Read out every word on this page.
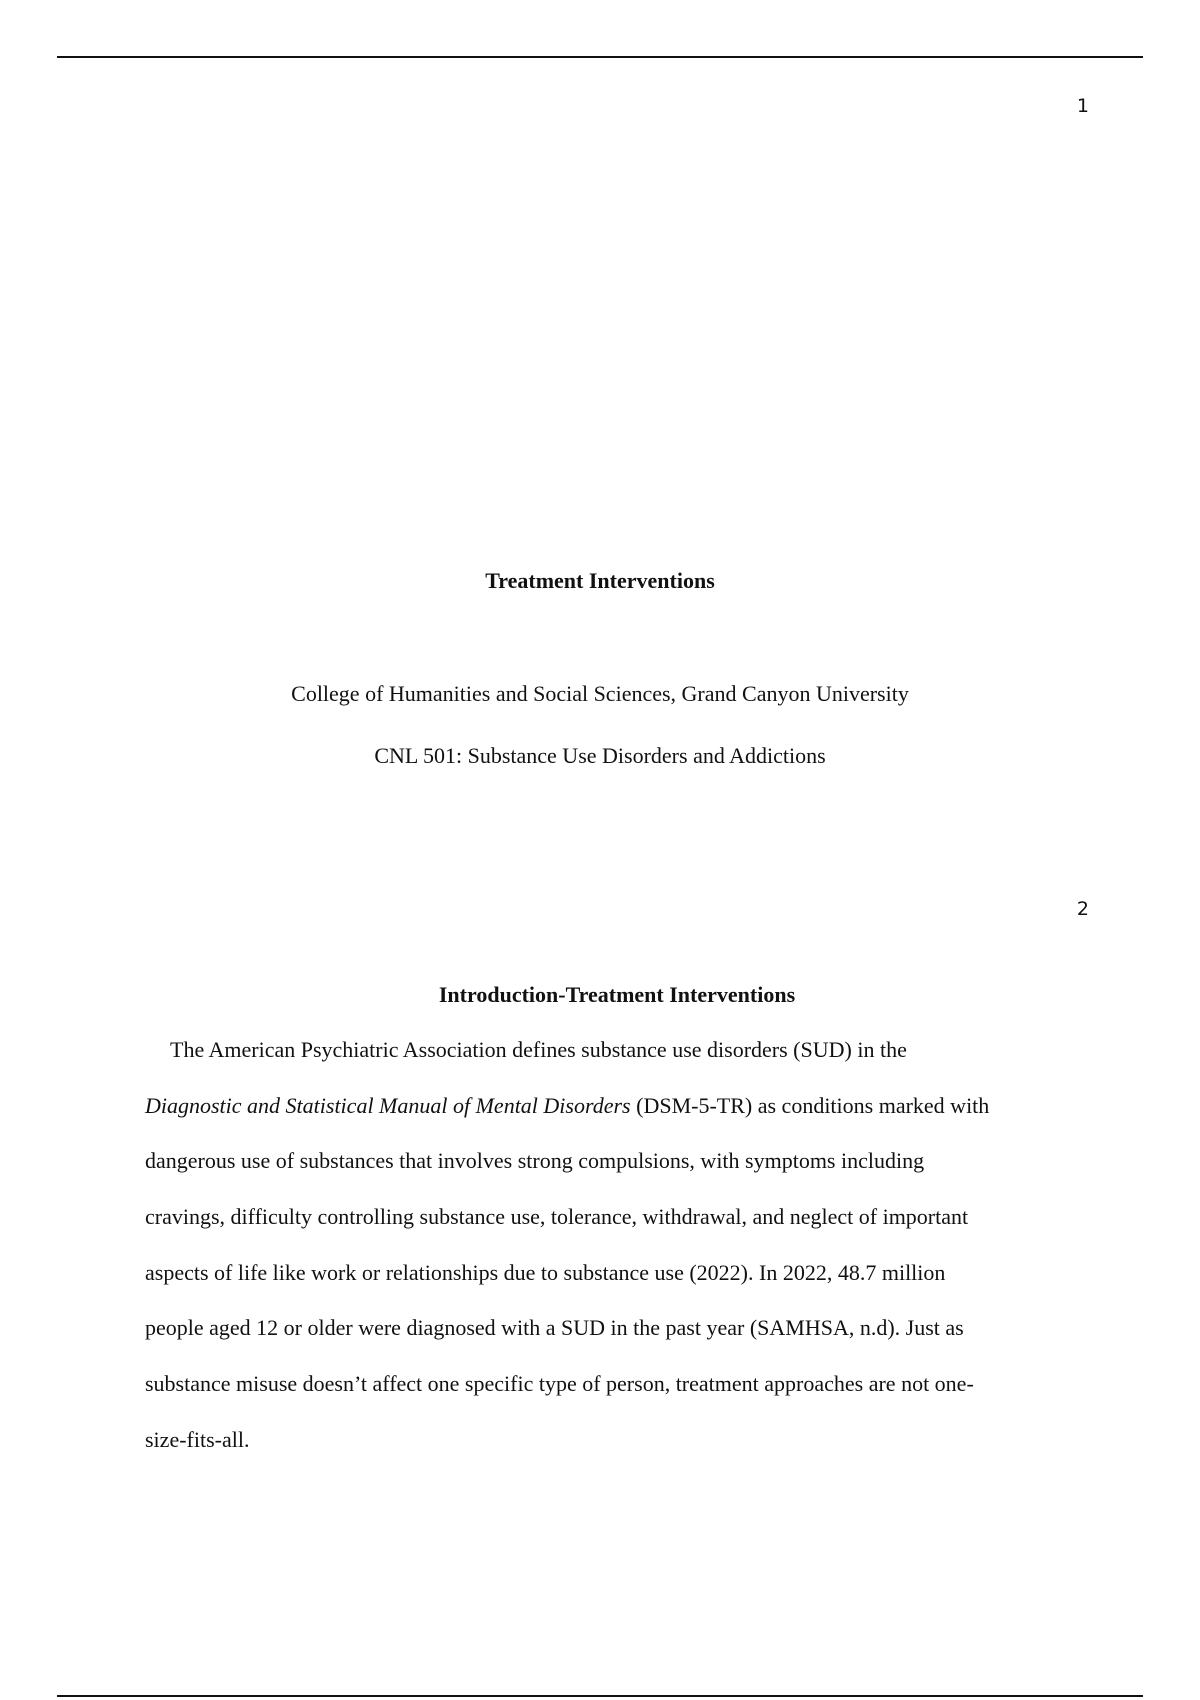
1
Treatment Interventions
College of Humanities and Social Sciences, Grand Canyon University
CNL 501: Substance Use Disorders and Addictions
2
Introduction-Treatment Interventions
The American Psychiatric Association defines substance use disorders (SUD) in the
Diagnostic and Statistical Manual of Mental Disorders (DSM-5-TR) as conditions marked with
dangerous use of substances that involves strong compulsions, with symptoms including
cravings, difficulty controlling substance use, tolerance, withdrawal, and neglect of important
aspects of life like work or relationships due to substance use (2022). In 2022, 48.7 million
people aged 12 or older were diagnosed with a SUD in the past year (SAMHSA, n.d). Just as
substance misuse doesn’t affect one specific type of person, treatment approaches are not one-
size-fits-all.
